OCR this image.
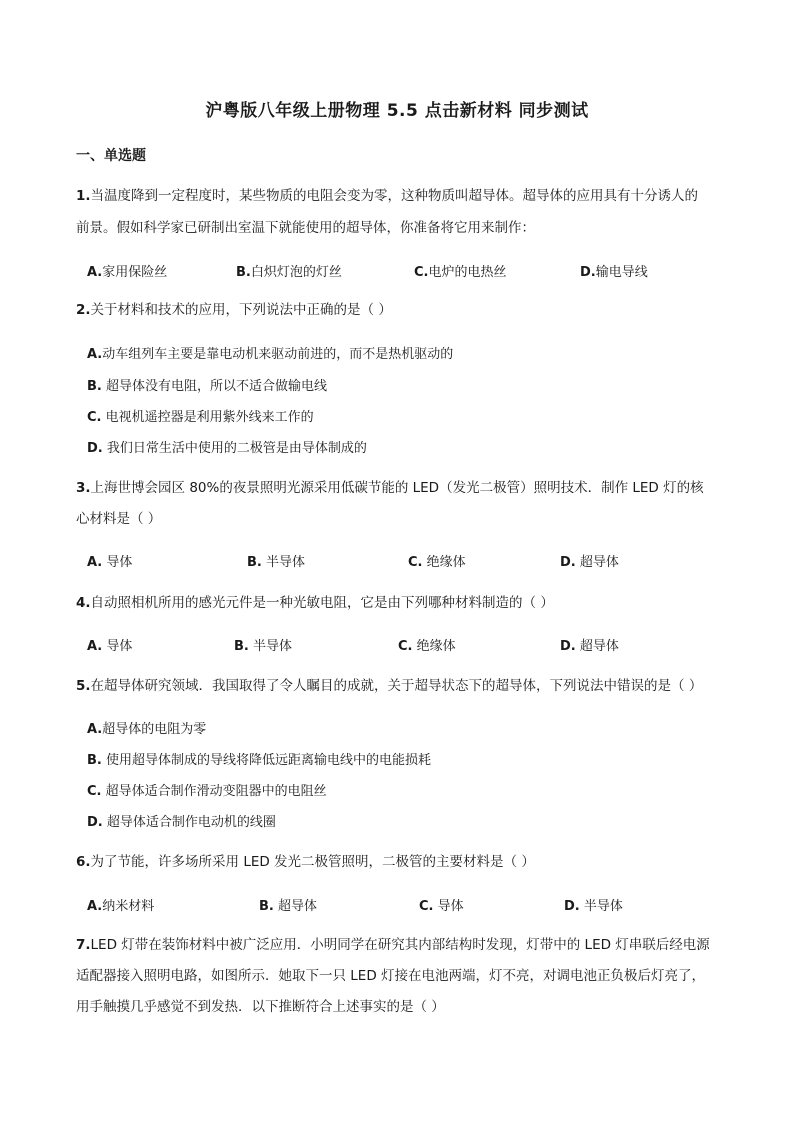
沪粤版八年级上册物理 5.5 点击新材料 同步测试
一、单选题
1.当温度降到一定程度时，某些物质的电阻会变为零，这种物质叫超导体。超导体的应用具有十分诱人的
前景。假如科学家已研制出室温下就能使用的超导体，你准备将它用来制作：
A.家用保险丝	B.白炽灯泡的灯丝	C.电炉的电热丝	D.输电导线
2.关于材料和技术的应用，下列说法中正确的是（ ）
A.动车组列车主要是靠电动机来驱动前进的，而不是热机驱动的
B. 超导体没有电阻，所以不适合做输电线
C. 电视机遥控器是利用紫外线来工作的
D. 我们日常生活中使用的二极管是由导体制成的
3.上海世博会园区 80%的夜景照明光源采用低碳节能的 LED（发光二极管）照明技术．制作 LED 灯的核
心材料是（ ）
A. 导体	B. 半导体	C. 绝缘体	D. 超导体
4.自动照相机所用的感光元件是一种光敏电阻，它是由下列哪种材料制造的（ ）
A. 导体	B. 半导体	C. 绝缘体	D. 超导体
5.在超导体研究领域．我国取得了令人瞩目的成就，关于超导状态下的超导体，下列说法中错误的是（ ）
A.超导体的电阻为零
B. 使用超导体制成的导线将降低远距离输电线中的电能损耗
C. 超导体适合制作滑动变阻器中的电阻丝
D. 超导体适合制作电动机的线圈
6.为了节能，许多场所采用 LED 发光二极管照明，二极管的主要材料是（ ）
A.纳米材料	B. 超导体	C. 导体	D. 半导体
7.LED 灯带在装饰材料中被广泛应用．小明同学在研究其内部结构时发现，灯带中的 LED 灯串联后经电源
适配器接入照明电路，如图所示．她取下一只 LED 灯接在电池两端，灯不亮，对调电池正负极后灯亮了，
用手触摸几乎感觉不到发热．以下推断符合上述事实的是（ ）
